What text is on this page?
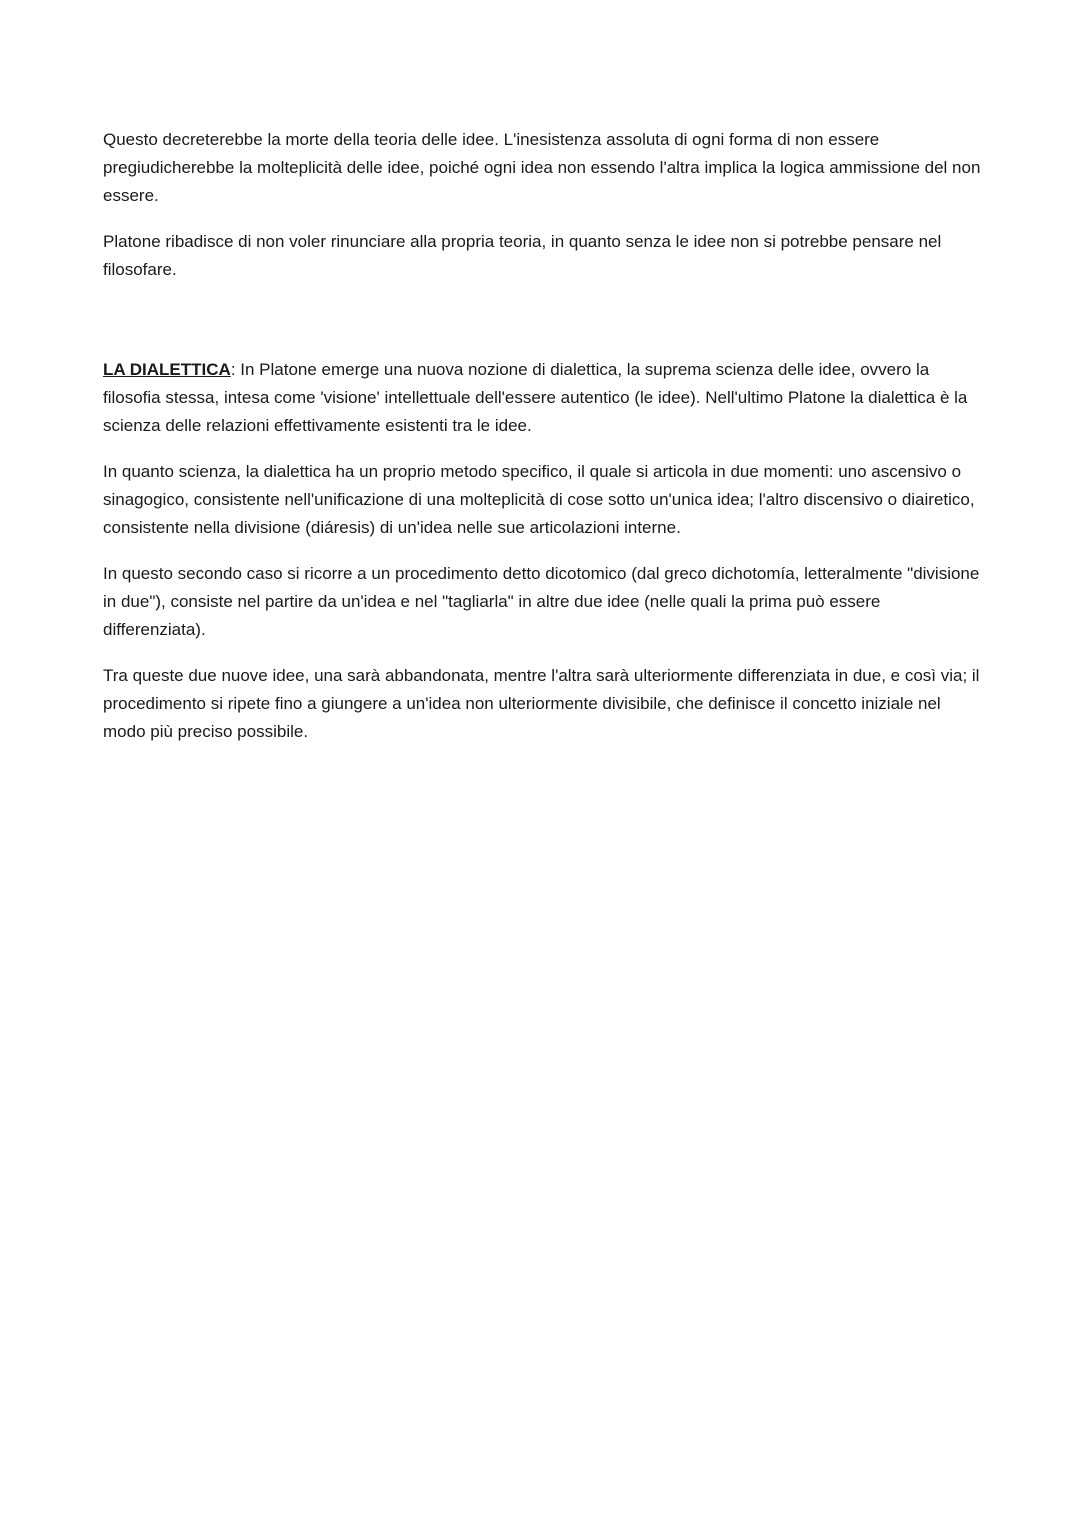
Questo decreterebbe la morte della teoria delle idee. L'inesistenza assoluta di ogni forma di non essere pregiudicherebbe la molteplicità delle idee, poiché ogni idea non essendo l'altra implica la logica ammissione del non essere.

Platone ribadisce di non voler rinunciare alla propria teoria, in quanto senza le idee non si potrebbe pensare nel filosofare.

LA DIALETTICA: In Platone emerge una nuova nozione di dialettica, la suprema scienza delle idee, ovvero la filosofia stessa, intesa come 'visione' intellettuale dell'essere autentico (le idee). Nell'ultimo Platone la dialettica è la scienza delle relazioni effettivamente esistenti tra le idee.

In quanto scienza, la dialettica ha un proprio metodo specifico, il quale si articola in due momenti: uno ascensivo o sinagogico, consistente nell'unificazione di una molteplicità di cose sotto un'unica idea; l'altro discensivo o diairetico, consistente nella divisione (diáresis) di un'idea nelle sue articolazioni interne.

In questo secondo caso si ricorre a un procedimento detto dicotomico (dal greco dichotomía, letteralmente "divisione in due"), consiste nel partire da un'idea e nel "tagliarla" in altre due idee (nelle quali la prima può essere differenziata).

Tra queste due nuove idee, una sarà abbandonata, mentre l'altra sarà ulteriormente differenziata in due, e così via; il procedimento si ripete fino a giungere a un'idea non ulteriormente divisibile, che definisce il concetto iniziale nel modo più preciso possibile.
